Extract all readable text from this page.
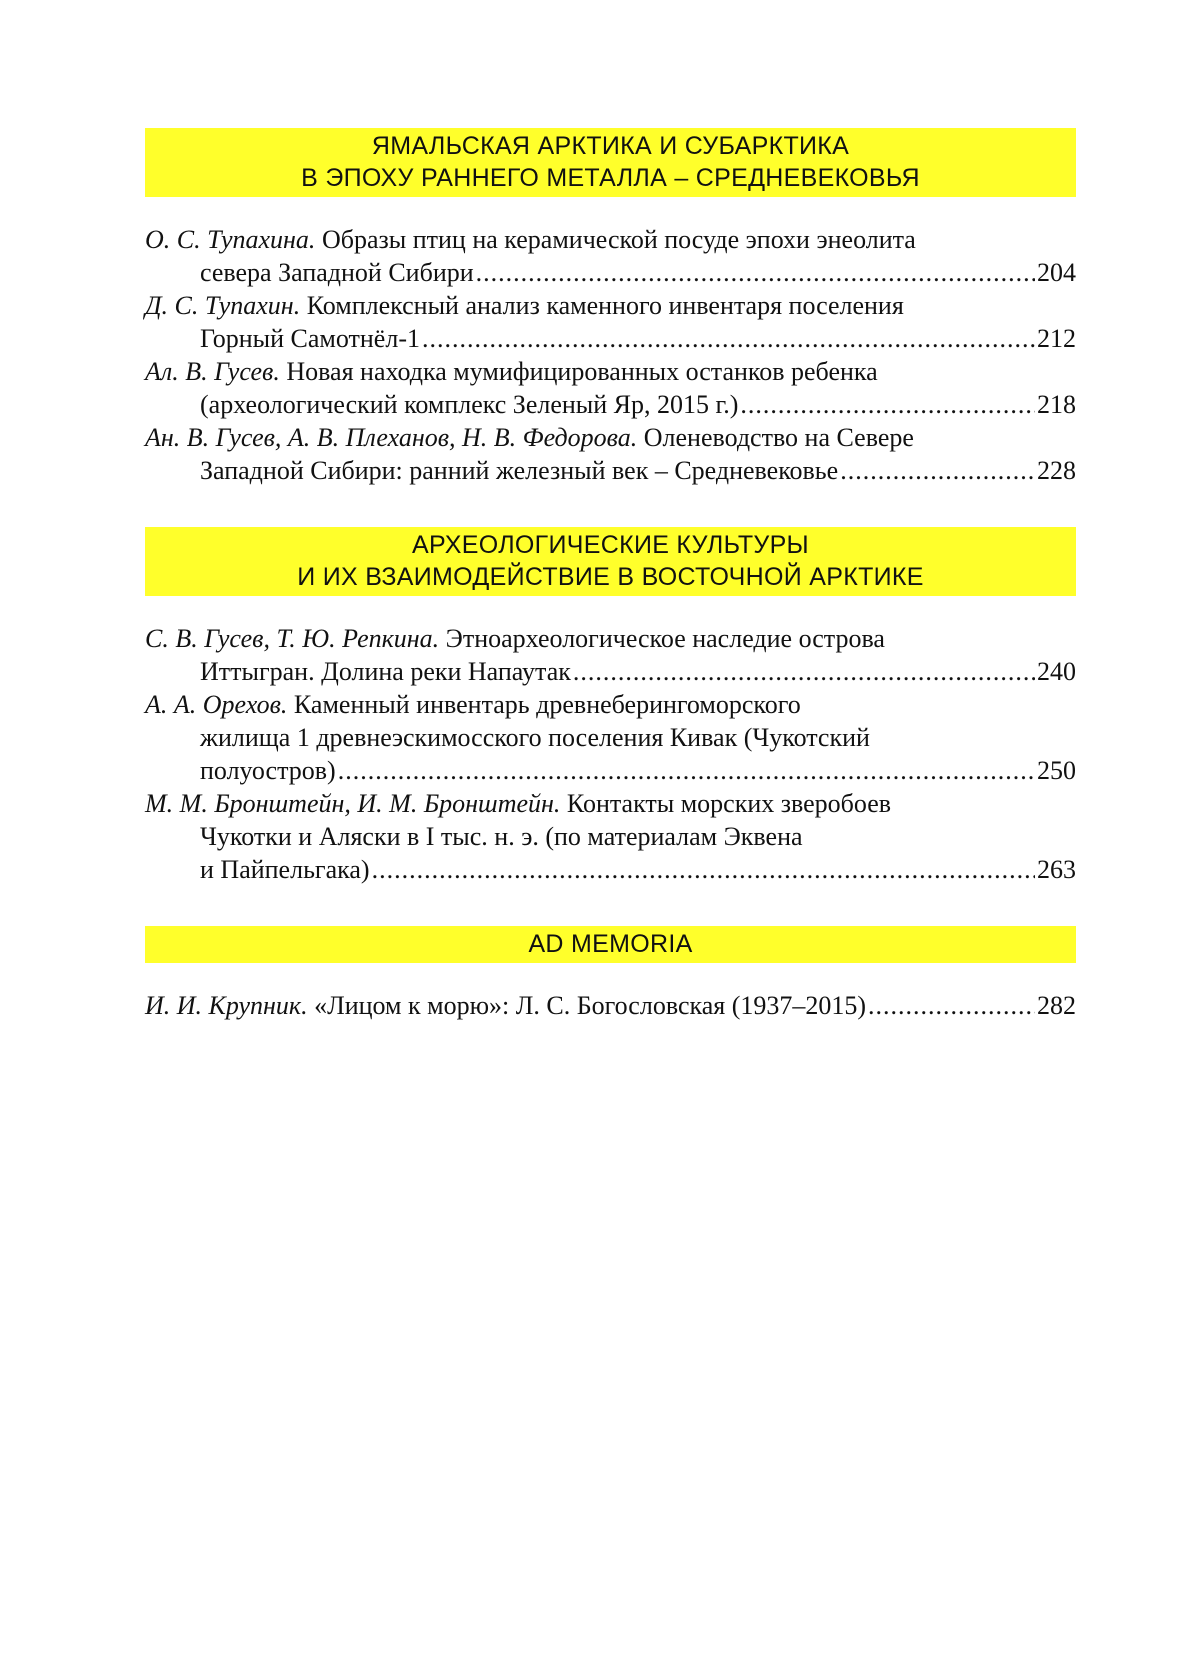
ЯМАЛЬСКАЯ АРКТИКА И СУБАРКТИКА
В ЭПОХУ РАННЕГО МЕТАЛЛА – СРЕДНЕВЕКОВЬЯ
О. С. Тупахина. Образы птиц на керамической посуде эпохи энеолита
севера Западной Сибири .....	204
Д. С. Тупахин. Комплексный анализ каменного инвентаря поселения
Горный Самотнёл-1 .....	212
Ал. В. Гусев. Новая находка мумифицированных останков ребенка
(археологический комплекс Зеленый Яр, 2015 г.) .....	218
Ан. В. Гусев, А. В. Плеханов, Н. В. Федорова. Оленеводство на Севере
Западной Сибири: ранний железный век – Средневековье .....	228
АРХЕОЛОГИЧЕСКИЕ КУЛЬТУРЫ
И ИХ ВЗАИМОДЕЙСТВИЕ В ВОСТОЧНОЙ АРКТИКЕ
С. В. Гусев, Т. Ю. Репкина. Этноархеологическое наследие острова
Иттыгран. Долина реки Напаутак .....	240
А. А. Орехов. Каменный инвентарь древнеберингоморского
жилища 1 древнеэскимосского поселения Кивак (Чукотский
полуостров) .....	250
М. М. Бронштейн, И. М. Бронштейн. Контакты морских зверобоев
Чукотки и Аляски в I тыс. н. э. (по материалам Эквена
и Пайпельгака) .....	263
AD MEMORIA
И. И. Крупник. «Лицом к морю»: Л. С. Богословская (1937–2015) .....	282
